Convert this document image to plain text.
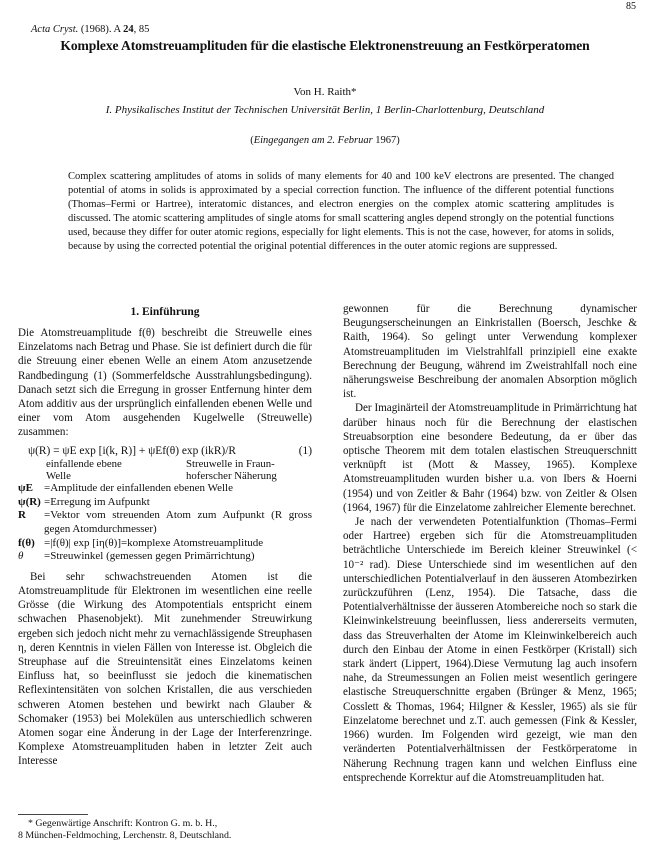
85
Acta Cryst. (1968). A 24, 85
Komplexe Atomstreuamplituden für die elastische Elektronenstreuung an Festkörperatomen
Von H. Raith*
I. Physikalisches Institut der Technischen Universität Berlin, 1 Berlin-Charlottenburg, Deutschland
(Eingegangen am 2. Februar 1967)
Complex scattering amplitudes of atoms in solids of many elements for 40 and 100 keV electrons are presented. The changed potential of atoms in solids is approximated by a special correction function. The influence of the different potential functions (Thomas–Fermi or Hartree), interatomic distances, and electron energies on the complex atomic scattering amplitudes is discussed. The atomic scattering amplitudes of single atoms for small scattering angles depend strongly on the potential functions used, because they differ for outer atomic regions, especially for light elements. This is not the case, however, for atoms in solids, because by using the corrected potential the original potential differences in the outer atomic regions are suppressed.
1. Einführung

Die Atomstreuamplitude f(θ) beschreibt die Streuwelle eines Einzelatoms nach Betrag und Phase. Sie ist definiert durch die für die Streuung einer ebenen Welle an einem Atom anzusetzende Randbedingung (1) (Sommerfeldsche Ausstrahlungsbedingung). Danach setzt sich die Erregung in grosser Entfernung hinter dem Atom additiv aus der ursprünglich einfallenden ebenen Welle und einer vom Atom ausgehenden Kugelwelle (Streuwelle) zusammen:

ψ(R) = ψE exp [i(k, R)] + ψEf(θ) exp (ikR)/R	(1)
einfallende ebene	Streuwelle in Fraun-
Welle	hoferscher Näherung
ψE	=Amplitude der einfallenden ebenen Welle
ψ(R) =Erregung im Aufpunkt
R	=Vektor vom streuenden Atom zum Aufpunkt (R gross gegen Atomdurchmesser)
f(θ) =|f(θ)| exp [iη(θ)]=komplexe Atomstreuamplitude
θ	=Streuwinkel (gemessen gegen Primärrichtung)

Bei sehr schwachstreuenden Atomen ist die Atomstreuamplitude für Elektronen im wesentlichen eine reelle Grösse (die Wirkung des Atompotentials entspricht einem schwachen Phasenobjekt). Mit zunehmender Streuwirkung ergeben sich jedoch nicht mehr zu vernachlässigende Streuphasen η, deren Kenntnis in vielen Fällen von Interesse ist. Obgleich die Streuphase auf die Streuintensität eines Einzelatoms keinen Einfluss hat, so beeinflusst sie jedoch die kinematischen Reflexintensitäten von solchen Kristallen, die aus verschieden schweren Atomen bestehen und bewirkt nach Glauber & Schomaker (1953) bei Molekülen aus unterschiedlich schweren Atomen sogar eine Änderung in der Lage der Interferenzringe. Komplexe Atomstreuamplituden haben in letzter Zeit auch Interesse

gewonnen für die Berechnung dynamischer Beugungserscheinungen an Einkristallen (Boersch, Jeschke & Raith, 1964). So gelingt unter Verwendung komplexer Atomstreuamplituden im Vielstrahlfall prinzipiell eine exakte Berechnung der Beugung, während im Zweistrahlfall noch eine näherungsweise Beschreibung der anomalen Absorption möglich ist.

Der Imaginärteil der Atomstreuamplitude in Primärrichtung hat darüber hinaus noch für die Berechnung der elastischen Streuabsorption eine besondere Bedeutung, da er über das optische Theorem mit dem totalen elastischen Streuquerschnitt verknüpft ist (Mott & Massey, 1965). Komplexe Atomstreuamplituden wurden bisher u.a. von Ibers & Hoerni (1954) und von Zeitler & Bahr (1964) bzw. von Zeitler & Olsen (1964, 1967) für die Einzelatome zahlreicher Elemente berechnet.

Je nach der verwendeten Potentialfunktion (Thomas–Fermi oder Hartree) ergeben sich für die Atomstreuamplituden beträchtliche Unterschiede im Bereich kleiner Streuwinkel (< 10⁻² rad). Diese Unterschiede sind im wesentlichen auf den unterschiedlichen Potentialverlauf in den äusseren Atombezirken zurückzuführen (Lenz, 1954). Die Tatsache, dass die Potentialverhältnisse der äusseren Atombereiche noch so stark die Kleinwinkelstreuung beeinflussen, liess andererseits vermuten, dass das Streuverhalten der Atome im Kleinwinkelbereich auch durch den Einbau der Atome in einen Festkörper (Kristall) sich stark ändert (Lippert, 1964).Diese Vermutung lag auch insofern nahe, da Streumessungen an Folien meist wesentlich geringere elastische Streuquerschnitte ergaben (Brünger & Menz, 1965; Cosslett & Thomas, 1964; Hilgner & Kessler, 1965) als sie für Einzelatome berechnet und z.T. auch gemessen (Fink & Kessler, 1966) wurden. Im Folgenden wird gezeigt, wie man den veränderten Potentialverhältnissen der Festkörperatome in Näherung Rechnung tragen kann und welchen Einfluss eine entsprechende Korrektur auf die Atomstreuamplituden hat.

* Gegenwärtige Anschrift: Kontron G. m. b. H.,
8 München-Feldmoching, Lerchenstr. 8, Deutschland.
